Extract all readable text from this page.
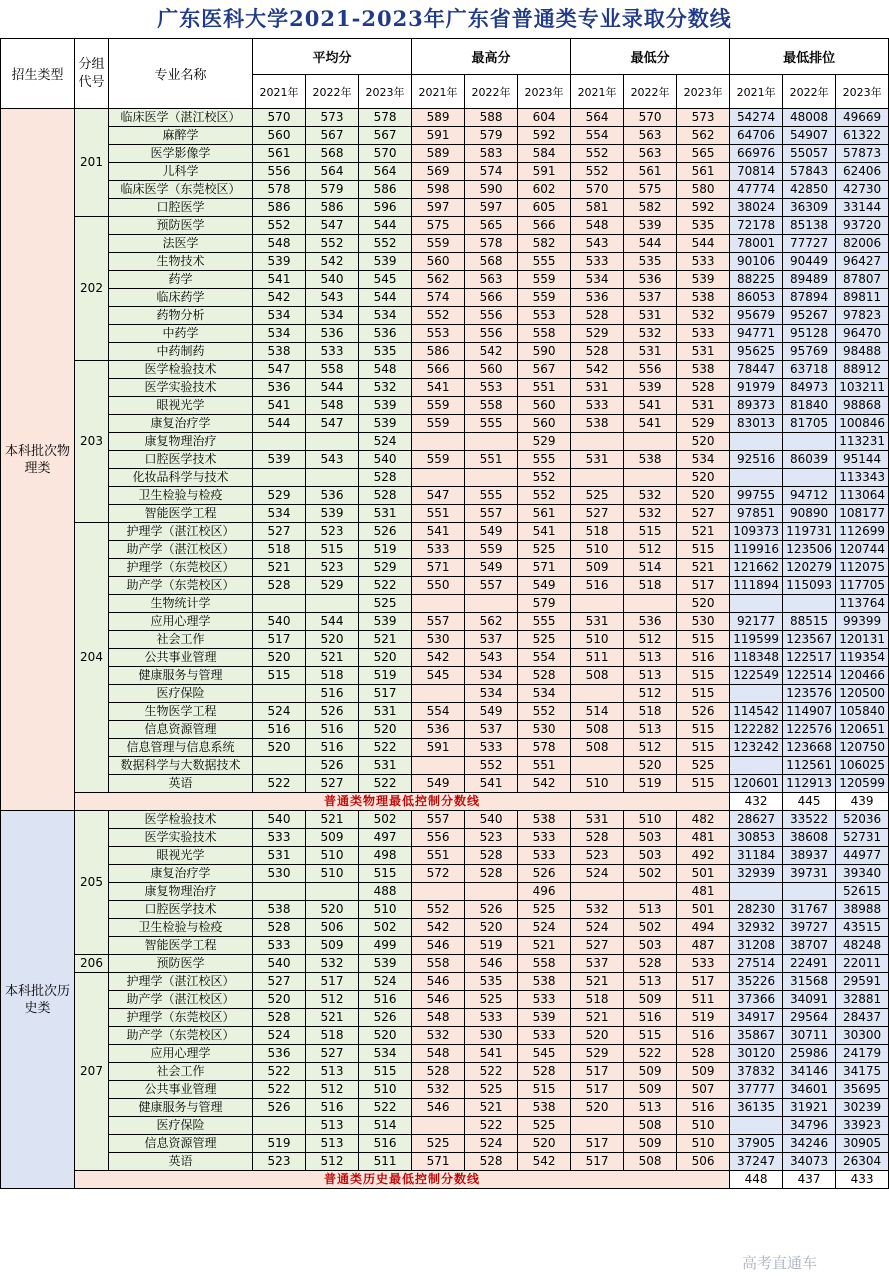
广东医科大学2021-2023年广东省普通类专业录取分数线
招生类型	分组代号	专业名称	平均分			最高分			最低分			最低排位		
			2021年	2022年	2023年	2021年	2022年	2023年	2021年	2022年	2023年	2021年	2022年	2023年
本科批次物理类	201	临床医学（湛江校区）	570	573	578	589	588	604	564	570	573	54274	48008	49669
		麻醉学	560	567	567	591	579	592	554	563	562	64706	54907	61322
		医学影像学	561	568	570	589	583	584	552	563	565	66976	55057	57873
		儿科学	556	564	564	569	574	591	552	561	561	70814	57843	62406
		临床医学（东莞校区）	578	579	586	598	590	602	570	575	580	47774	42850	42730
		口腔医学	586	586	596	597	597	605	581	582	592	38024	36309	33144
	202	预防医学	552	547	544	575	565	566	548	539	535	72178	85138	93720
		法医学	548	552	552	559	578	582	543	544	544	78001	77727	82006
		生物技术	539	542	539	560	568	555	533	535	533	90106	90449	96427
		药学	541	540	545	562	563	559	534	536	539	88225	89489	87807
		临床药学	542	543	544	574	566	559	536	537	538	86053	87894	89811
		药物分析	534	534	534	552	556	553	528	531	532	95679	95267	97823
		中药学	534	536	536	553	556	558	529	532	533	94771	95128	96470
		中药制药	538	533	535	586	542	590	528	531	531	95625	95769	98488
	203	医学检验技术	547	558	548	566	560	567	542	556	538	78447	63718	88912
		医学实验技术	536	544	532	541	553	551	531	539	528	91979	84973	103211
		眼视光学	541	548	539	559	558	560	533	541	531	89373	81840	98868
		康复治疗学	544	547	539	559	555	560	538	541	529	83013	81705	100846
		康复物理治疗			524			529			520			113231
		口腔医学技术	539	543	540	559	551	555	531	538	534	92516	86039	95144
		化妆品科学与技术			528			552			520			113343
		卫生检验与检疫	529	536	528	547	555	552	525	532	520	99755	94712	113064
		智能医学工程	534	539	531	551	557	561	527	532	527	97851	90890	108177
	204	护理学（湛江校区）	527	523	526	541	549	541	518	515	521	109373	119731	112699
		助产学（湛江校区）	518	515	519	533	559	525	510	512	515	119916	123506	120744
		护理学（东莞校区）	521	523	529	571	549	571	509	514	521	121662	120279	112075
		助产学（东莞校区）	528	529	522	550	557	549	516	518	517	111894	115093	117705
		生物统计学			525			579			520			113764
		应用心理学	540	544	539	557	562	555	531	536	530	92177	88515	99399
		社会工作	517	520	521	530	537	525	510	512	515	119599	123567	120131
		公共事业管理	520	521	520	542	543	554	511	513	516	118348	122517	119354
		健康服务与管理	515	518	519	545	534	528	508	513	515	122549	122514	120466
		医疗保险		516	517		534	534		512	515		123576	120500
		生物医学工程	524	526	531	554	549	552	514	518	526	114542	114907	105840
		信息资源管理	516	516	520	536	537	530	508	513	515	122282	122576	120651
		信息管理与信息系统	520	516	522	591	533	578	508	512	515	123242	123668	120750
		数据科学与大数据技术		526	531		552	551		520	525		112561	106025
		英语	522	527	522	549	541	542	510	519	515	120601	112913	120599
	普通类物理最低控制分数线											432	445	439
本科批次历史类	205	医学检验技术	540	521	502	557	540	538	531	510	482	28627	33522	52036
		医学实验技术	533	509	497	556	523	533	528	503	481	30853	38608	52731
		眼视光学	531	510	498	551	528	533	523	503	492	31184	38937	44977
		康复治疗学	530	510	515	572	528	526	524	502	501	32939	39731	39340
		康复物理治疗			488			496			481			52615
		口腔医学技术	538	520	510	552	526	525	532	513	501	28230	31767	38988
		卫生检验与检疫	528	506	502	542	520	524	524	502	494	32932	39727	43515
		智能医学工程	533	509	499	546	519	521	527	503	487	31208	38707	48248
	206	预防医学	540	532	539	558	546	558	537	528	533	27514	22491	22011
	207	护理学（湛江校区）	527	517	524	546	535	538	521	513	517	35226	31568	29591
		助产学（湛江校区）	520	512	516	546	525	533	518	509	511	37366	34091	32881
		护理学（东莞校区）	528	521	526	548	533	539	521	516	519	34917	29564	28437
		助产学（东莞校区）	524	518	520	532	530	533	520	515	516	35867	30711	30300
		应用心理学	536	527	534	548	541	545	529	522	528	30120	25986	24179
		社会工作	522	513	515	528	522	528	517	509	509	37832	34146	34175
		公共事业管理	522	512	510	532	525	515	517	509	507	37777	34601	35695
		健康服务与管理	526	516	522	546	521	538	520	513	516	36135	31921	30239
		医疗保险		513	514		522	525		508	510		34796	33923
		信息资源管理	519	513	516	525	524	520	517	509	510	37905	34246	30905
		英语	523	512	511	571	528	542	517	508	506	37247	34073	26304
	普通类历史最低控制分数线											448	437	433
高考直通车
